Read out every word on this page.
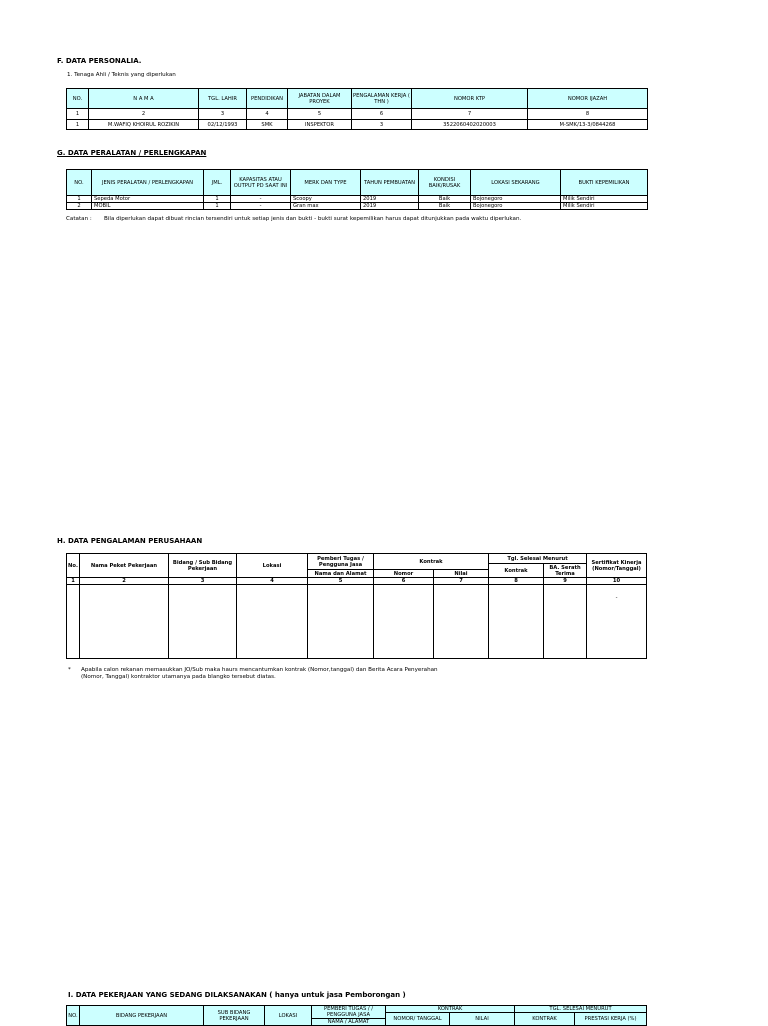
F. DATA PERSONALIA.
1. Tenaga Ahli / Teknis yang diperlukan
NO.	N A M A	TGL. LAHIR	PENDIDIKAN	JABATAN DALAM PROYEK	PENGALAMAN KERJA ( THN )	NOMOR KTP	NOMOR IJAZAH
1	2	3	4	5	6	7	8
1	M.WAFIQ KHOIRUL ROZIKIN	02/12/1993	SMK	INSPEKTOR	3	3522060402020003	M-SMK/13-3/0844268
G. DATA PERALATAN / PERLENGKAPAN
NO.	JENIS PERALATAN / PERLENGKAPAN	JML.	KAPASITAS ATAU OUTPUT PD SAAT INI	MERK DAN TYPE	TAHUN PEMBUATAN	KONDISI BAIK/RUSAK	LOKASI SEKARANG	BUKTI KEPEMILIKAN
1	Sepeda Motor	1	-	Scoopy	2019	Baik	Bojonegoro	Milik Sendiri
2	MOBIL	1	-	Gran max	2019	Baik	Bojonegoro	Milik Sendiri
Catatan : Bila diperlukan dapat dibuat rincian tersendiri untuk setiap jenis dan bukti - bukti surat kepemilikan harus dapat ditunjukkan pada waktu diperlukan.
H. DATA PENGALAMAN PERUSAHAAN
No.	Nama Peket Pekerjaan	Bidang / Sub Bidang Pekerjaan	Lokasi	Pemberi Tugas / Pengguna Jasa	Kontrak		Tgl. Selesai Menurut		Sertifikat Kinerja (Nomor/Tanggal)
							Kontrak	BA. Serath Terima	
				Nama dan Alamat	Nomor	Nilai			
1	2	3	4	5	6	7	8	9	10
									-
* Apabila calon rekanan memasukkan JO/Sub maka haurs mencantumkan kontrak (Nomor,tanggal) dan Berita Acara Penyerahan
(Nomor, Tanggal) kontraktor utamanya pada blangko tersebut diatas.
I. DATA PEKERJAAN YANG SEDANG DILAKSANAKAN ( hanya untuk jasa Pemborongan )
NO.	BIDANG PEKERJAAN	SUB BIDANG PEKERJAAN	LOKASI	PEMBERI TUGAS / / PENGGUNA JASA	KONTRAK		TGL. SELESAI MENURUT	
					NOMOR/ TANGGAL	NILAI	KONTRAK	PRESTASI KERJA (%)
				NAMA / ALAMAT				
